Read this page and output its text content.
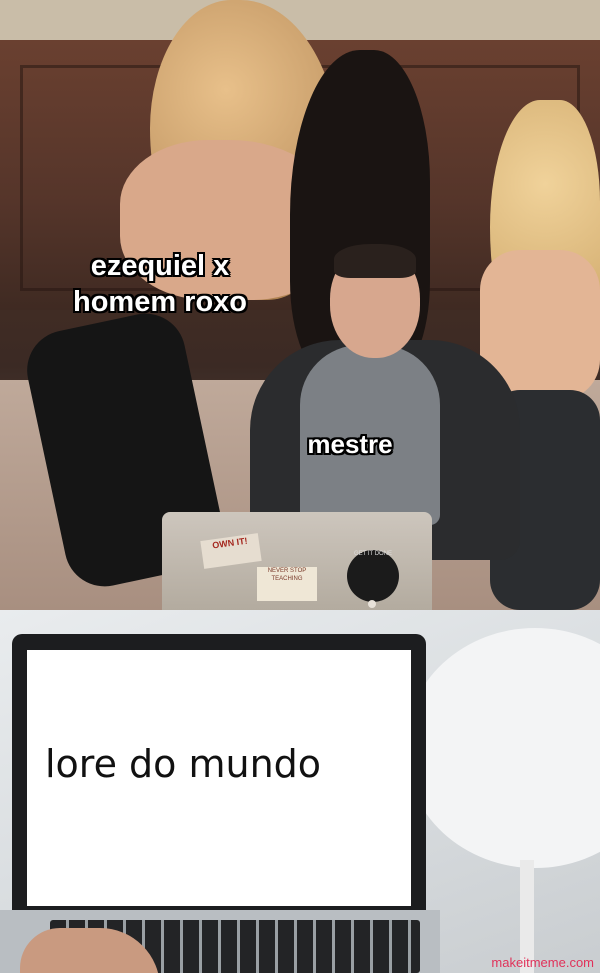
OWN IT!
NEVER STOP TEACHING
GET IT DONE
ezequiel x
homem roxo
mestre
lore do mundo
makeitmeme.com
